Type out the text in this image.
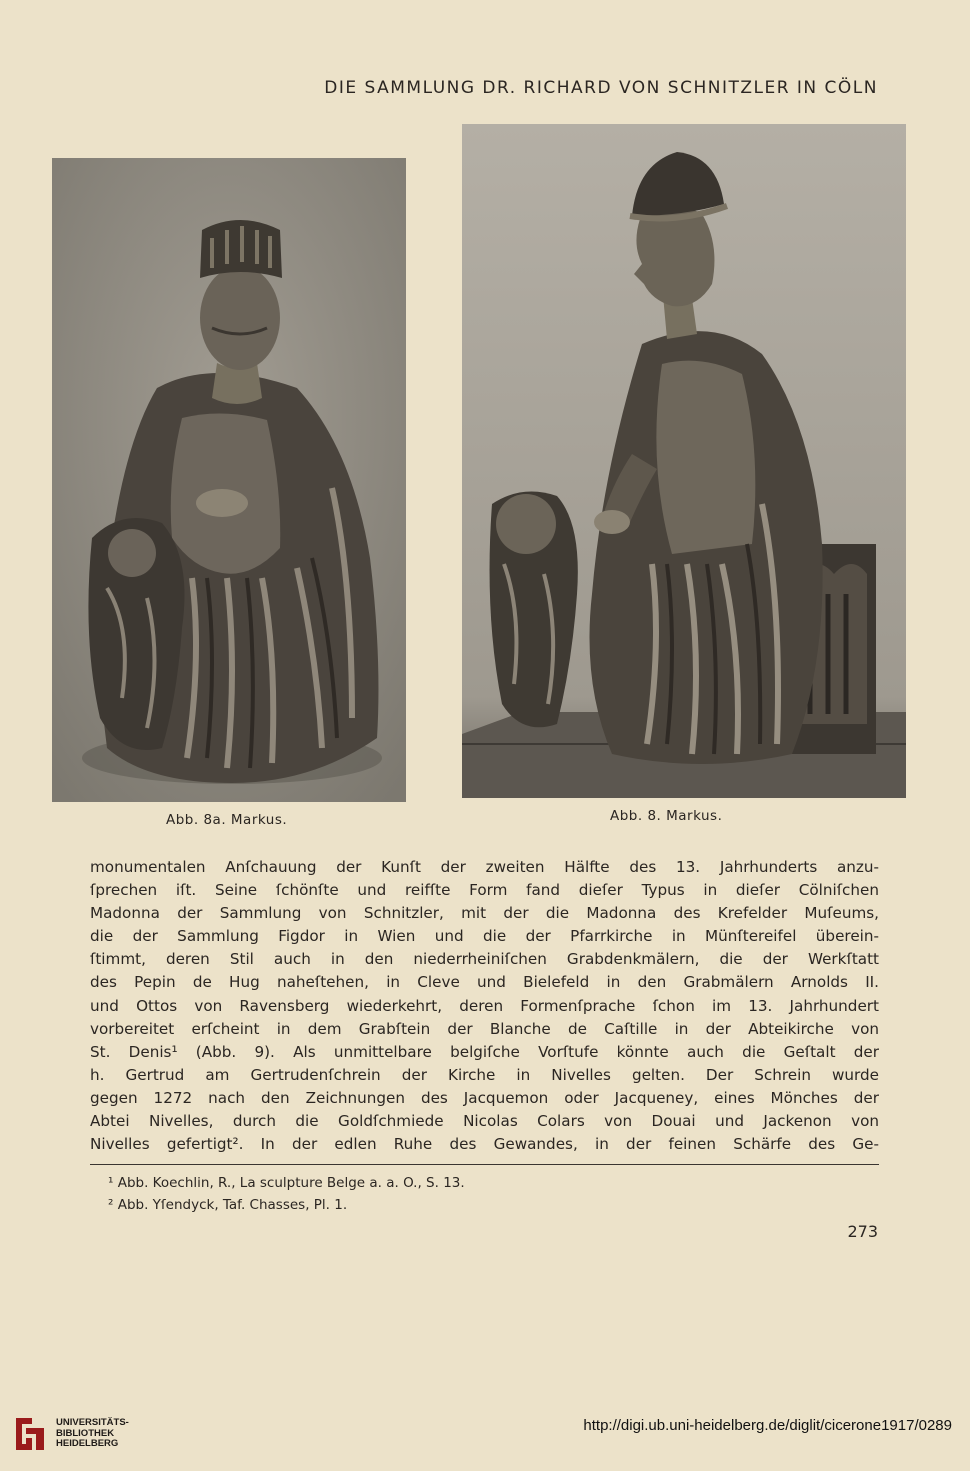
DIE SAMMLUNG DR. RICHARD VON SCHNITZLER IN CÖLN
Abb. 8a. Markus.	Abb. 8. Markus.
monumentalen Anſchauung der Kunſt der zweiten Hälfte des 13. Jahrhunderts anzu-
ſprechen iſt. Seine ſchönſte und reifſte Form fand dieſer Typus in dieſer Cölniſchen
Madonna der Sammlung von Schnitzler, mit der die Madonna des Krefelder Muſeums,
die der Sammlung Figdor in Wien und die der Pfarrkirche in Münſtereifel überein-
ſtimmt, deren Stil auch in den niederrheiniſchen Grabdenkmälern, die der Werkſtatt
des Pepin de Hug naheſtehen, in Cleve und Bielefeld in den Grabmälern Arnolds II.
und Ottos von Ravensberg wiederkehrt, deren Formenſprache ſchon im 13. Jahrhundert
vorbereitet erſcheint in dem Grabſtein der Blanche de Caſtille in der Abteikirche von
St. Denis¹ (Abb. 9). Als unmittelbare belgiſche Vorſtufe könnte auch die Geſtalt der
h. Gertrud am Gertrudenſchrein der Kirche in Nivelles gelten. Der Schrein wurde
gegen 1272 nach den Zeichnungen des Jacquemon oder Jacqueney, eines Mönches der
Abtei Nivelles, durch die Goldſchmiede Nicolas Colars von Douai und Jackenon von
Nivelles gefertigt². In der edlen Ruhe des Gewandes, in der feinen Schärfe des Ge-
¹ Abb. Koechlin, R., La sculpture Belge a. a. O., S. 13.
² Abb. Yſendyck, Taf. Chasses, Pl. 1.
273
UNIVERSITÄTS-
BIBLIOTHEK
HEIDELBERG
http://digi.ub.uni-heidelberg.de/diglit/cicerone1917/0289
